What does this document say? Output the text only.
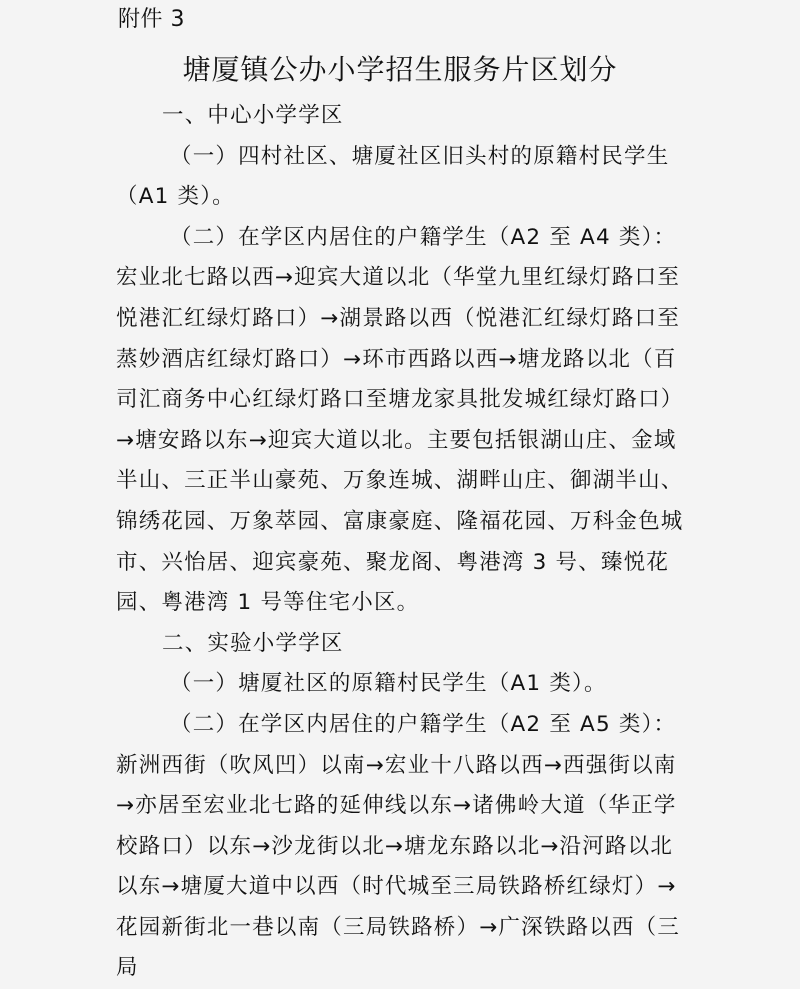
附件 3
塘厦镇公办小学招生服务片区划分

一、中心小学学区

（一）四村社区、塘厦社区旧头村的原籍村民学生（A1 类）。

（二）在学区内居住的户籍学生（A2 至 A4 类）：宏业北七路以西→迎宾大道以北（华堂九里红绿灯路口至悦港汇红绿灯路口）→湖景路以西（悦港汇红绿灯路口至蒸妙酒店红绿灯路口）→环市西路以西→塘龙路以北（百司汇商务中心红绿灯路口至塘龙家具批发城红绿灯路口）→塘安路以东→迎宾大道以北。主要包括银湖山庄、金域半山、三正半山豪苑、万象连城、湖畔山庄、御湖半山、锦绣花园、万象萃园、富康豪庭、隆福花园、万科金色城市、兴怡居、迎宾豪苑、聚龙阁、粤港湾 3 号、臻悦花园、粤港湾 1 号等住宅小区。

二、实验小学学区

（一）塘厦社区的原籍村民学生（A1 类）。

（二）在学区内居住的户籍学生（A2 至 A5 类）：新洲西街（吹风凹）以南→宏业十八路以西→西强街以南→亦居至宏业北七路的延伸线以东→诸佛岭大道（华正学校路口）以东→沙龙街以北→塘龙东路以北→沿河路以北以东→塘厦大道中以西（时代城至三局铁路桥红绿灯）→花园新街北一巷以南（三局铁路桥）→广深铁路以西（三局
